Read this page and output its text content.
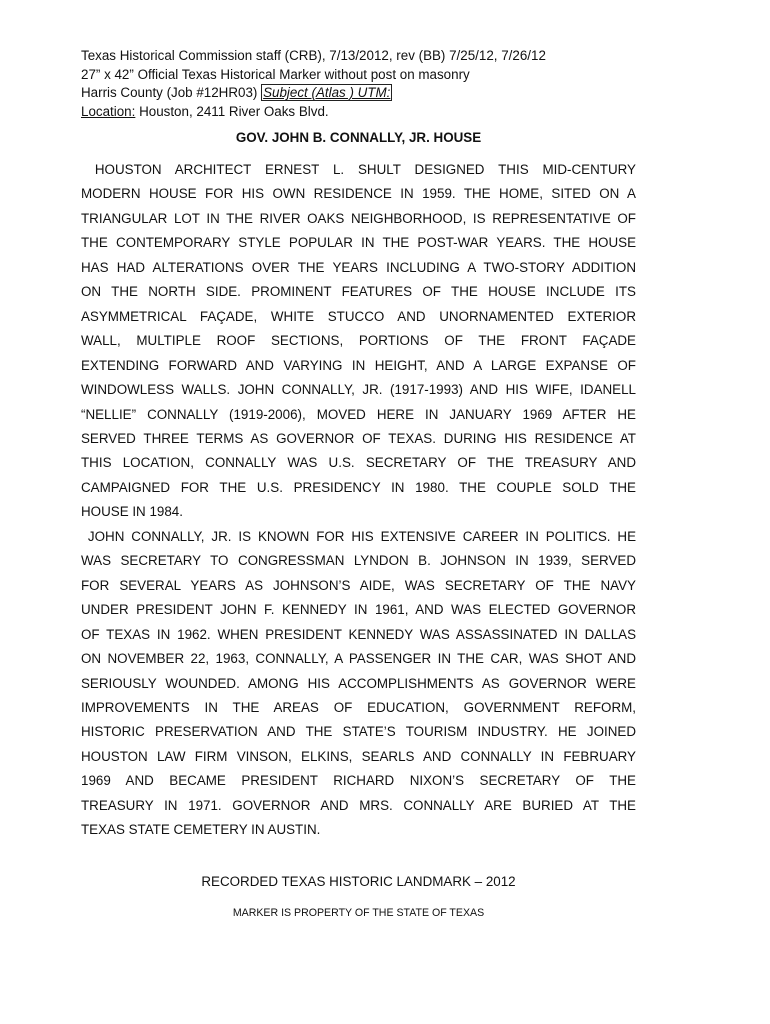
Texas Historical Commission staff (CRB), 7/13/2012, rev (BB) 7/25/12, 7/26/12
27” x 42” Official Texas Historical Marker without post on masonry
Harris County (Job #12HR03) Subject (Atlas ) UTM:
Location: Houston, 2411 River Oaks Blvd.
GOV. JOHN B. CONNALLY, JR. HOUSE
HOUSTON ARCHITECT ERNEST L. SHULT DESIGNED THIS MID-CENTURY
MODERN HOUSE FOR HIS OWN RESIDENCE IN 1959. THE HOME, SITED ON A
TRIANGULAR LOT IN THE RIVER OAKS NEIGHBORHOOD, IS REPRESENTATIVE OF
THE CONTEMPORARY STYLE POPULAR IN THE POST-WAR YEARS. THE HOUSE
HAS HAD ALTERATIONS OVER THE YEARS INCLUDING A TWO-STORY ADDITION
ON THE NORTH SIDE. PROMINENT FEATURES OF THE HOUSE INCLUDE ITS
ASYMMETRICAL FAÇADE, WHITE STUCCO AND UNORNAMENTED EXTERIOR
WALL, MULTIPLE ROOF SECTIONS, PORTIONS OF THE FRONT FAÇADE
EXTENDING FORWARD AND VARYING IN HEIGHT, AND A LARGE EXPANSE OF
WINDOWLESS WALLS. JOHN CONNALLY, JR. (1917-1993) AND HIS WIFE, IDANELL
“NELLIE” CONNALLY (1919-2006), MOVED HERE IN JANUARY 1969 AFTER HE
SERVED THREE TERMS AS GOVERNOR OF TEXAS. DURING HIS RESIDENCE AT
THIS LOCATION, CONNALLY WAS U.S. SECRETARY OF THE TREASURY AND
CAMPAIGNED FOR THE U.S. PRESIDENCY IN 1980. THE COUPLE SOLD THE
HOUSE IN 1984.
JOHN CONNALLY, JR. IS KNOWN FOR HIS EXTENSIVE CAREER IN POLITICS. HE
WAS SECRETARY TO CONGRESSMAN LYNDON B. JOHNSON IN 1939, SERVED
FOR SEVERAL YEARS AS JOHNSON’S AIDE, WAS SECRETARY OF THE NAVY
UNDER PRESIDENT JOHN F. KENNEDY IN 1961, AND WAS ELECTED GOVERNOR
OF TEXAS IN 1962. WHEN PRESIDENT KENNEDY WAS ASSASSINATED IN DALLAS
ON NOVEMBER 22, 1963, CONNALLY, A PASSENGER IN THE CAR, WAS SHOT AND
SERIOUSLY WOUNDED. AMONG HIS ACCOMPLISHMENTS AS GOVERNOR WERE
IMPROVEMENTS IN THE AREAS OF EDUCATION, GOVERNMENT REFORM,
HISTORIC PRESERVATION AND THE STATE’S TOURISM INDUSTRY. HE JOINED
HOUSTON LAW FIRM VINSON, ELKINS, SEARLS AND CONNALLY IN FEBRUARY
1969 AND BECAME PRESIDENT RICHARD NIXON’S SECRETARY OF THE
TREASURY IN 1971. GOVERNOR AND MRS. CONNALLY ARE BURIED AT THE
TEXAS STATE CEMETERY IN AUSTIN.
RECORDED TEXAS HISTORIC LANDMARK – 2012
MARKER IS PROPERTY OF THE STATE OF TEXAS
